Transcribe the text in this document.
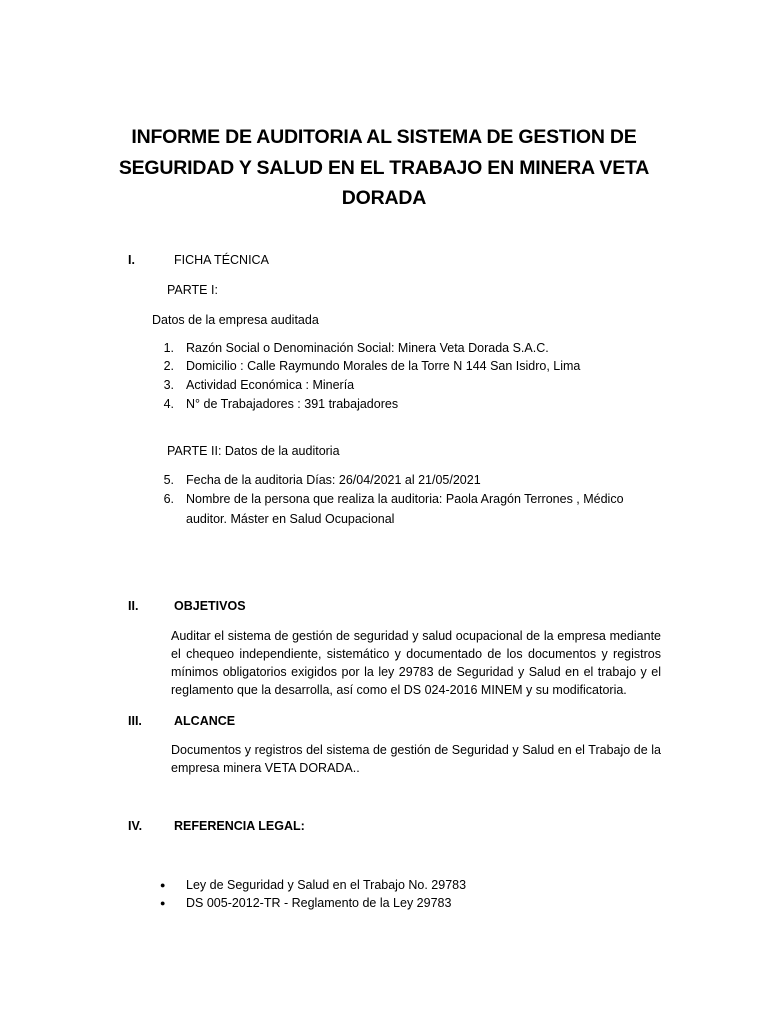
INFORME DE AUDITORIA AL SISTEMA DE GESTION DE SEGURIDAD Y SALUD EN EL TRABAJO EN MINERA VETA DORADA
I.	FICHA TÉCNICA
PARTE I:
Datos de la empresa auditada
1. Razón Social o Denominación Social: Minera Veta Dorada S.A.C.
2. Domicilio : Calle Raymundo Morales de la Torre N 144 San Isidro, Lima
3. Actividad Económica : Minería
4. N° de Trabajadores : 391 trabajadores
PARTE II: Datos de la auditoria
5. Fecha de la auditoria Días: 26/04/2021 al 21/05/2021
6. Nombre de la persona que realiza la auditoria: Paola Aragón Terrones , Médico
auditor. Máster en Salud Ocupacional
II.	OBJETIVOS
Auditar el sistema de gestión de seguridad y salud ocupacional de la empresa mediante el chequeo independiente, sistemático y documentado de los documentos y registros mínimos obligatorios exigidos por la ley 29783 de Seguridad y Salud en el trabajo y el reglamento que la desarrolla, así como el DS 024-2016 MINEM y su modificatoria.
III.	ALCANCE
Documentos y registros del sistema de gestión de Seguridad y Salud en el Trabajo de la empresa minera VETA DORADA..
IV.	REFERENCIA LEGAL:
● Ley de Seguridad y Salud en el Trabajo No. 29783
● DS 005-2012-TR - Reglamento de la Ley 29783
